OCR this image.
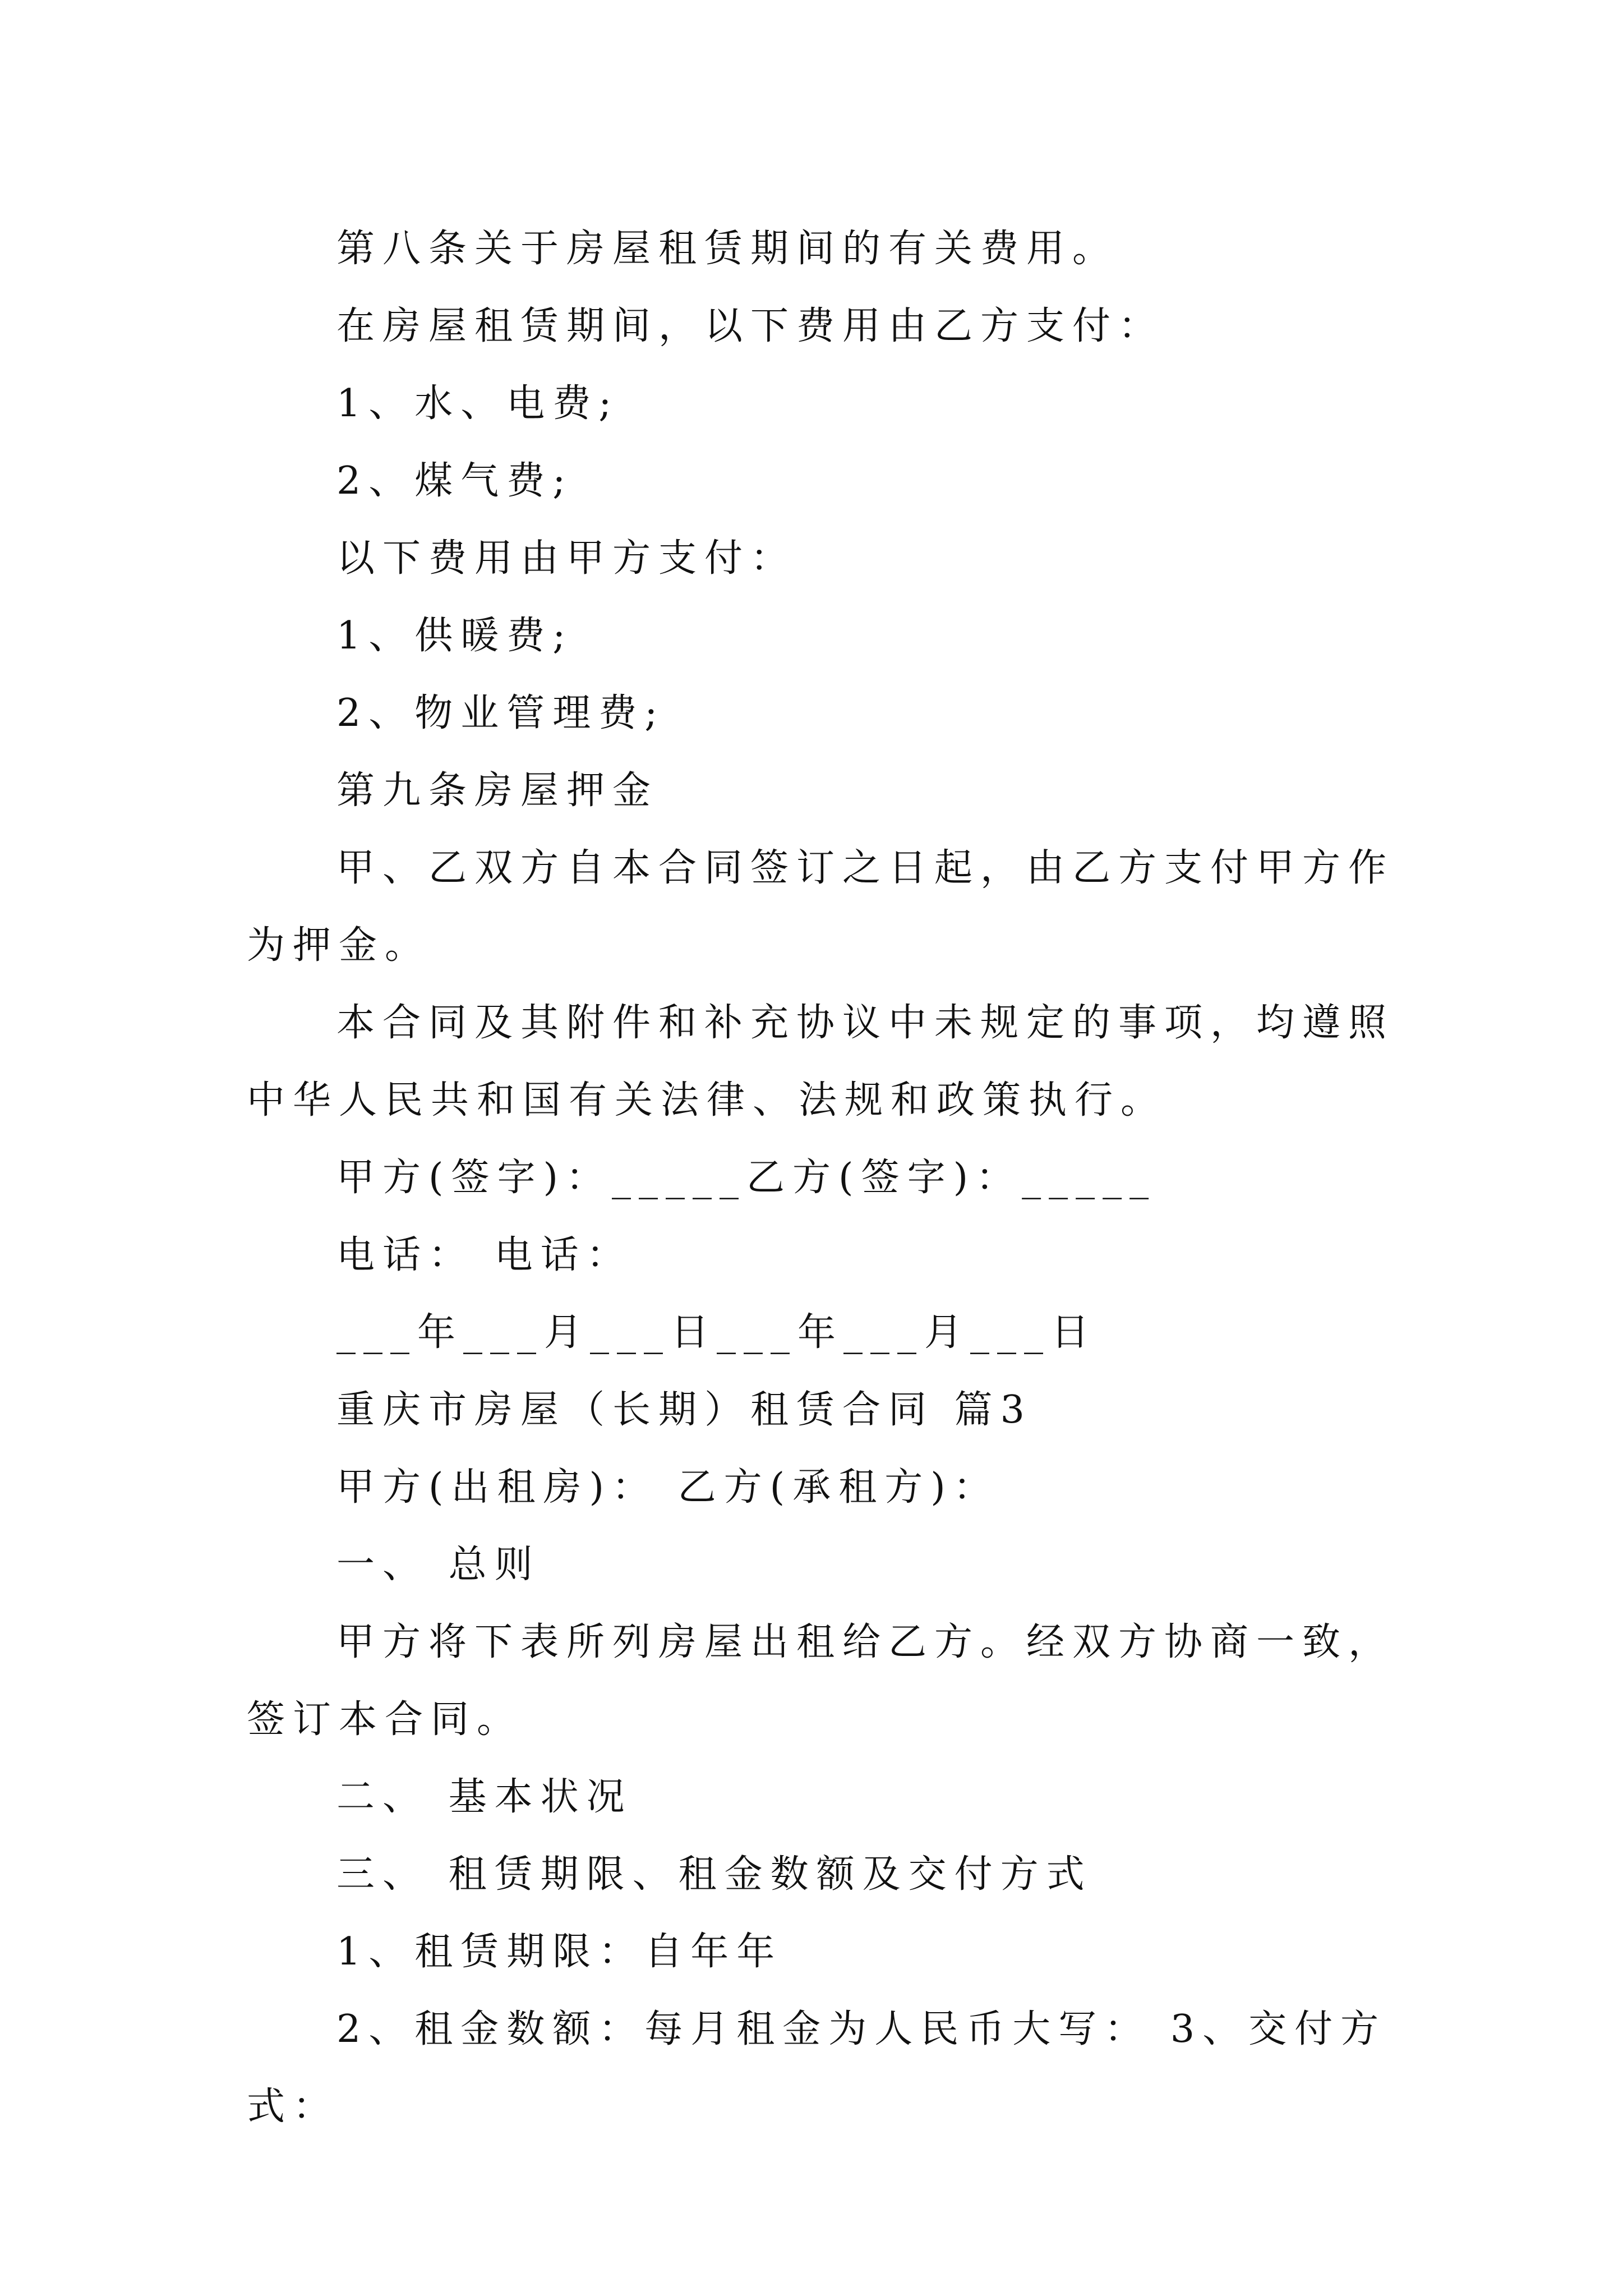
第八条关于房屋租赁期间的有关费用。

在房屋租赁期间，以下费用由乙方支付：

1、水、电费;

2、煤气费;

以下费用由甲方支付：

1、供暖费;

2、物业管理费;

第九条房屋押金

甲、乙双方自本合同签订之日起，由乙方支付甲方作为押金。

本合同及其附件和补充协议中未规定的事项，均遵照中华人民共和国有关法律、法规和政策执行。

甲方(签字)：_____乙方(签字)：_____

电话： 电话：

___年___月___日___年___月___日

重庆市房屋（长期）租赁合同 篇3

甲方(出租房)： 乙方(承租方)：

一、 总则

甲方将下表所列房屋出租给乙方。经双方协商一致，签订本合同。

二、 基本状况

三、 租赁期限、租金数额及交付方式

1、租赁期限：自年年

2、租金数额：每月租金为人民币大写： 3、交付方式：
